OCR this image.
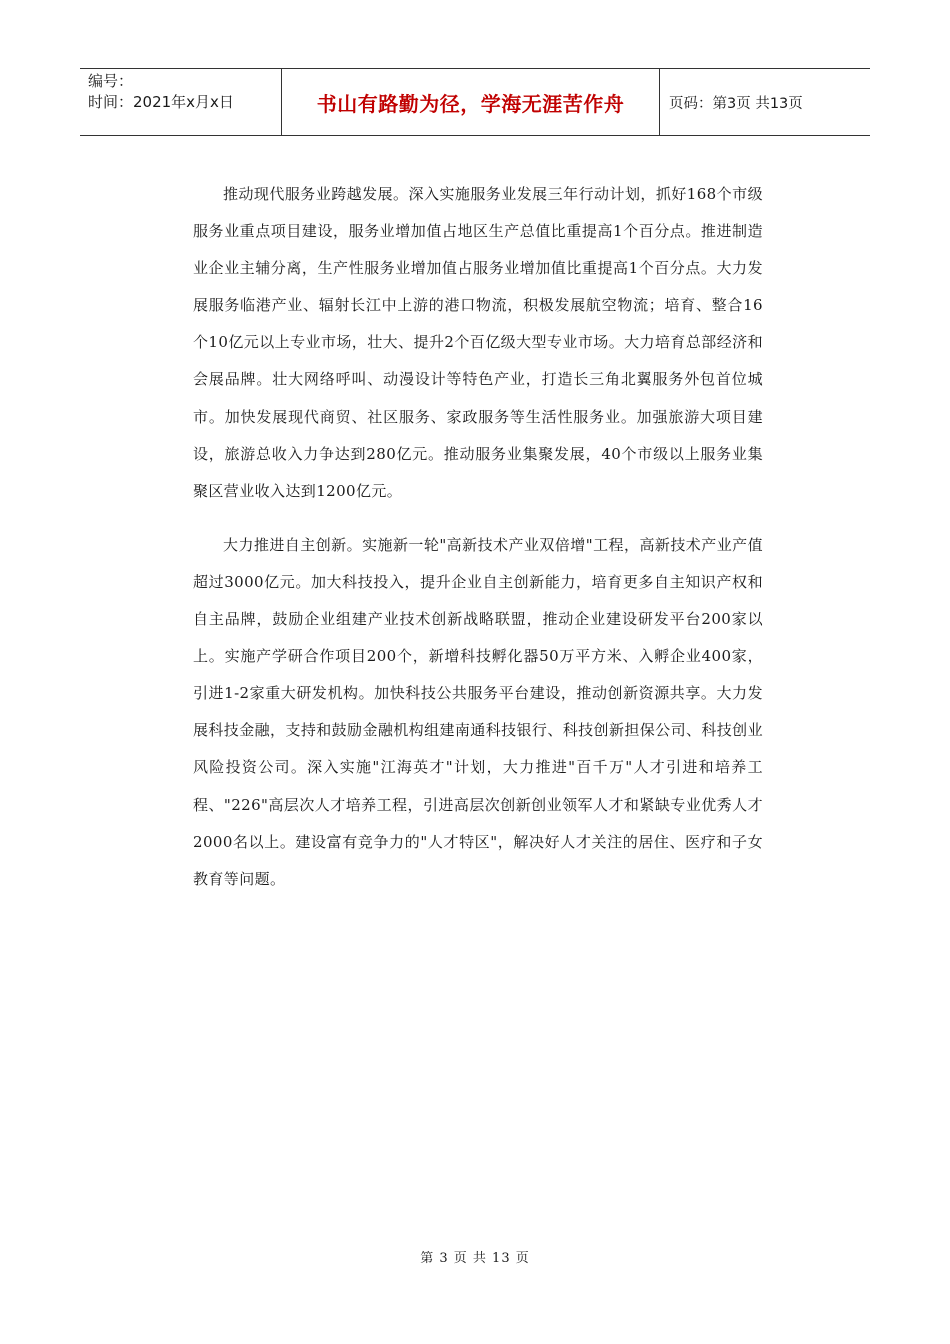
编号：
时间：2021年x月x日	书山有路勤为径，学海无涯苦作舟	页码：第3页 共13页

推动现代服务业跨越发展。深入实施服务业发展三年行动计划，抓好168个市级服务业重点项目建设，服务业增加值占地区生产总值比重提高1个百分点。推进制造业企业主辅分离，生产性服务业增加值占服务业增加值比重提高1个百分点。大力发展服务临港产业、辐射长江中上游的港口物流，积极发展航空物流；培育、整合16个10亿元以上专业市场，壮大、提升2个百亿级大型专业市场。大力培育总部经济和会展品牌。壮大网络呼叫、动漫设计等特色产业，打造长三角北翼服务外包首位城市。加快发展现代商贸、社区服务、家政服务等生活性服务业。加强旅游大项目建设，旅游总收入力争达到280亿元。推动服务业集聚发展，40个市级以上服务业集聚区营业收入达到1200亿元。

大力推进自主创新。实施新一轮"高新技术产业双倍增"工程，高新技术产业产值超过3000亿元。加大科技投入，提升企业自主创新能力，培育更多自主知识产权和自主品牌，鼓励企业组建产业技术创新战略联盟，推动企业建设研发平台200家以上。实施产学研合作项目200个，新增科技孵化器50万平方米、入孵企业400家，引进1-2家重大研发机构。加快科技公共服务平台建设，推动创新资源共享。大力发展科技金融，支持和鼓励金融机构组建南通科技银行、科技创新担保公司、科技创业风险投资公司。深入实施"江海英才"计划，大力推进"百千万"人才引进和培养工程、"226"高层次人才培养工程，引进高层次创新创业领军人才和紧缺专业优秀人才2000名以上。建设富有竞争力的"人才特区"，解决好人才关注的居住、医疗和子女教育等问题。

第 3 页 共 13 页
